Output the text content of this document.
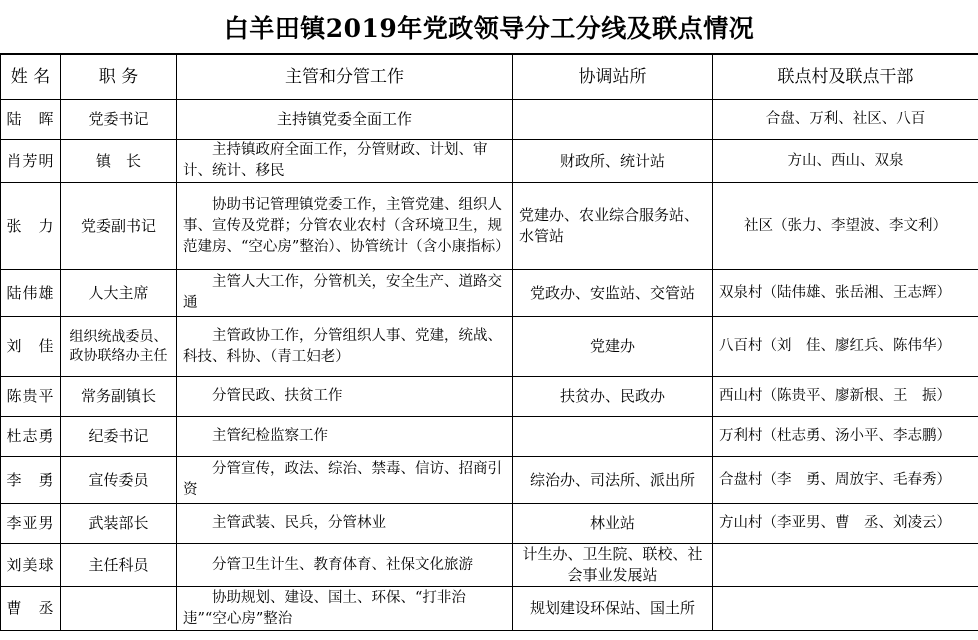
白羊田镇2019年党政领导分工分线及联点情况
姓 名	职 务	主管和分管工作	协调站所	联点村及联点干部
陆　晖	党委书记	主持镇党委全面工作		合盘、万利、社区、八百
肖芳明	镇　长	主持镇政府全面工作，分管财政、计划、审计、统计、移民	财政所、统计站	方山、西山、双泉
张　力	党委副书记	协助书记管理镇党委工作，主管党建、组织人事、宣传及党群；分管农业农村（含环境卫生，规范建房、“空心房”整治）、协管统计（含小康指标）	党建办、农业综合服务站、水管站	社区（张力、李望波、李文利）
陆伟雄	人大主席	主管人大工作，分管机关，安全生产、道路交通	党政办、安监站、交管站	双泉村（陆伟雄、张岳湘、王志辉）
刘　佳	组织统战委员、政协联络办主任	主管政协工作，分管组织人事、党建，统战、科技、科协、（青工妇老）	党建办	八百村（刘　佳、廖红兵、陈伟华）
陈贵平	常务副镇长	分管民政、扶贫工作	扶贫办、民政办	西山村（陈贵平、廖新根、王　振）
杜志勇	纪委书记	主管纪检监察工作		万利村（杜志勇、汤小平、李志鹏）
李　勇	宣传委员	分管宣传，政法、综治、禁毒、信访、招商引资	综治办、司法所、派出所	合盘村（李　勇、周放宇、毛春秀）
李亚男	武装部长	主管武装、民兵，分管林业	林业站	方山村（李亚男、曹　丞、刘凌云）
刘美球	主任科员	分管卫生计生、教育体育、社保文化旅游	计生办、卫生院、联校、社会事业发展站	
曹　丞		协助规划、建设、国土、环保、“打非治违”“空心房”整治	规划建设环保站、国土所	
